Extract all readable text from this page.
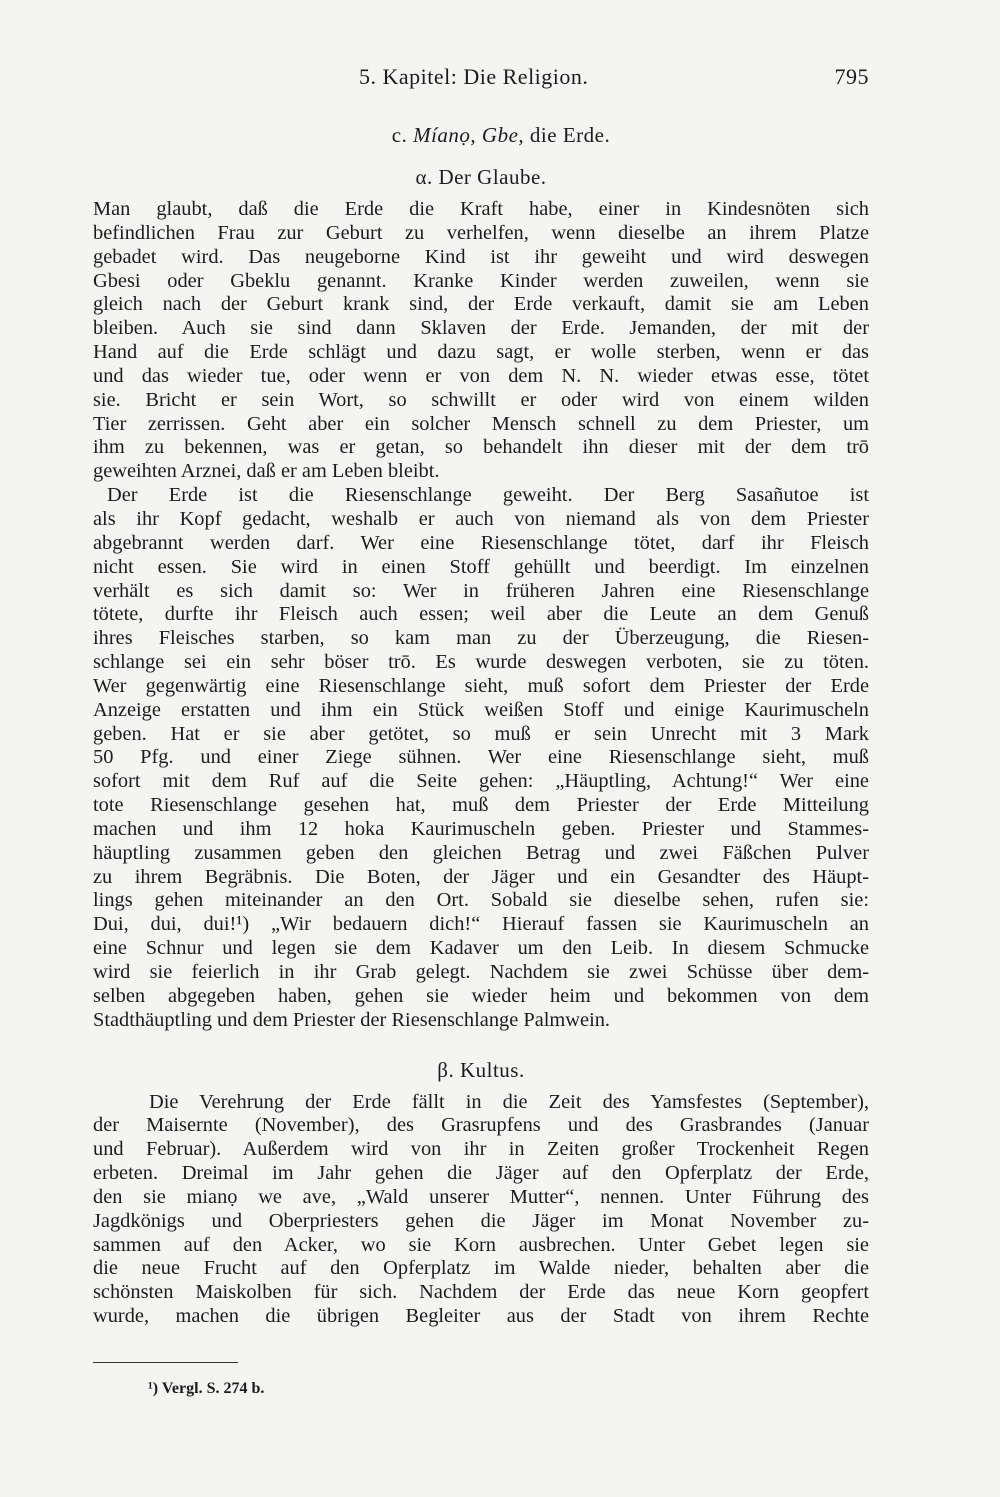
5. Kapitel: Die Religion.	795
c. Míanọ, Gbe, die Erde.
α. Der Glaube.
Man glaubt, daß die Erde die Kraft habe, einer in Kindesnöten sich
befindlichen Frau zur Geburt zu verhelfen, wenn dieselbe an ihrem Platze
gebadet wird. Das neugeborne Kind ist ihr geweiht und wird deswegen
Gbesi oder Gbeklu genannt. Kranke Kinder werden zuweilen, wenn sie
gleich nach der Geburt krank sind, der Erde verkauft, damit sie am Leben
bleiben. Auch sie sind dann Sklaven der Erde. Jemanden, der mit der
Hand auf die Erde schlägt und dazu sagt, er wolle sterben, wenn er das
und das wieder tue, oder wenn er von dem N. N. wieder etwas esse, tötet
sie. Bricht er sein Wort, so schwillt er oder wird von einem wilden
Tier zerrissen. Geht aber ein solcher Mensch schnell zu dem Priester, um
ihm zu bekennen, was er getan, so behandelt ihn dieser mit der dem trō
geweihten Arznei, daß er am Leben bleibt.
Der Erde ist die Riesenschlange geweiht. Der Berg Sasañutoe ist
als ihr Kopf gedacht, weshalb er auch von niemand als von dem Priester
abgebrannt werden darf. Wer eine Riesenschlange tötet, darf ihr Fleisch
nicht essen. Sie wird in einen Stoff gehüllt und beerdigt. Im einzelnen
verhält es sich damit so: Wer in früheren Jahren eine Riesenschlange
tötete, durfte ihr Fleisch auch essen; weil aber die Leute an dem Genuß
ihres Fleisches starben, so kam man zu der Überzeugung, die Riesen-
schlange sei ein sehr böser trō. Es wurde deswegen verboten, sie zu töten.
Wer gegenwärtig eine Riesenschlange sieht, muß sofort dem Priester der Erde
Anzeige erstatten und ihm ein Stück weißen Stoff und einige Kaurimuscheln
geben. Hat er sie aber getötet, so muß er sein Unrecht mit 3 Mark
50 Pfg. und einer Ziege sühnen. Wer eine Riesenschlange sieht, muß
sofort mit dem Ruf auf die Seite gehen: „Häuptling, Achtung!“ Wer eine
tote Riesenschlange gesehen hat, muß dem Priester der Erde Mitteilung
machen und ihm 12 hoka Kaurimuscheln geben. Priester und Stammes-
häuptling zusammen geben den gleichen Betrag und zwei Fäßchen Pulver
zu ihrem Begräbnis. Die Boten, der Jäger und ein Gesandter des Häupt-
lings gehen miteinander an den Ort. Sobald sie dieselbe sehen, rufen sie:
Dui, dui, dui!¹) „Wir bedauern dich!“ Hierauf fassen sie Kaurimuscheln an
eine Schnur und legen sie dem Kadaver um den Leib. In diesem Schmucke
wird sie feierlich in ihr Grab gelegt. Nachdem sie zwei Schüsse über dem-
selben abgegeben haben, gehen sie wieder heim und bekommen von dem
Stadthäuptling und dem Priester der Riesenschlange Palmwein.
β. Kultus.
Die Verehrung der Erde fällt in die Zeit des Yamsfestes (September),
der Maisernte (November), des Grasrupfens und des Grasbrandes (Januar
und Februar). Außerdem wird von ihr in Zeiten großer Trockenheit Regen
erbeten. Dreimal im Jahr gehen die Jäger auf den Opferplatz der Erde,
den sie mianọ we ave, „Wald unserer Mutter“, nennen. Unter Führung des
Jagdkönigs und Oberpriesters gehen die Jäger im Monat November zu-
sammen auf den Acker, wo sie Korn ausbrechen. Unter Gebet legen sie
die neue Frucht auf den Opferplatz im Walde nieder, behalten aber die
schönsten Maiskolben für sich. Nachdem der Erde das neue Korn geopfert
wurde, machen die übrigen Begleiter aus der Stadt von ihrem Rechte
¹) Vergl. S. 274 b.
